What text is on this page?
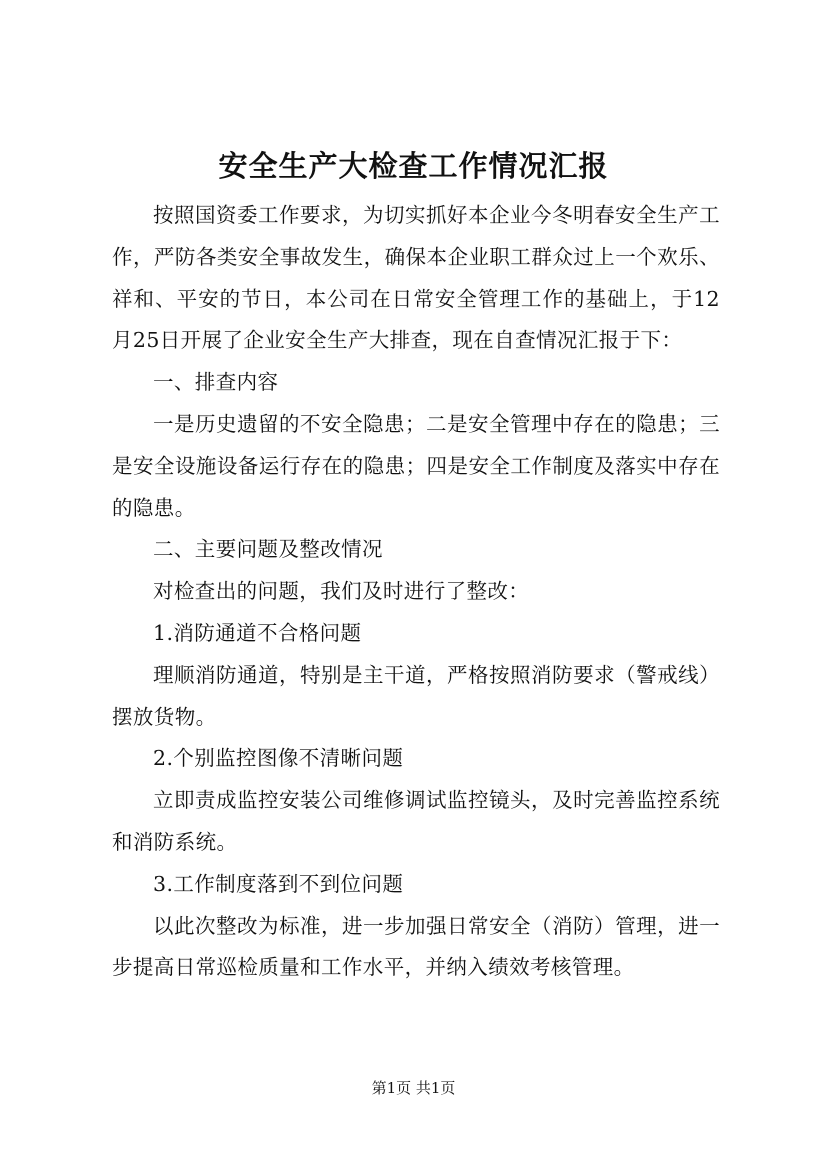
安全生产大检查工作情况汇报

按照国资委工作要求，为切实抓好本企业今冬明春安全生产工作，严防各类安全事故发生，确保本企业职工群众过上一个欢乐、祥和、平安的节日，本公司在日常安全管理工作的基础上，于12月25日开展了企业安全生产大排查，现在自查情况汇报于下：

一、排查内容

一是历史遗留的不安全隐患；二是安全管理中存在的隐患；三是安全设施设备运行存在的隐患；四是安全工作制度及落实中存在的隐患。

二、主要问题及整改情况

对检查出的问题，我们及时进行了整改：

1.消防通道不合格问题

理顺消防通道，特别是主干道，严格按照消防要求（警戒线）摆放货物。

2.个别监控图像不清晰问题

立即责成监控安装公司维修调试监控镜头，及时完善监控系统和消防系统。

3.工作制度落到不到位问题

以此次整改为标准，进一步加强日常安全（消防）管理，进一步提高日常巡检质量和工作水平，并纳入绩效考核管理。

第1页 共1页
